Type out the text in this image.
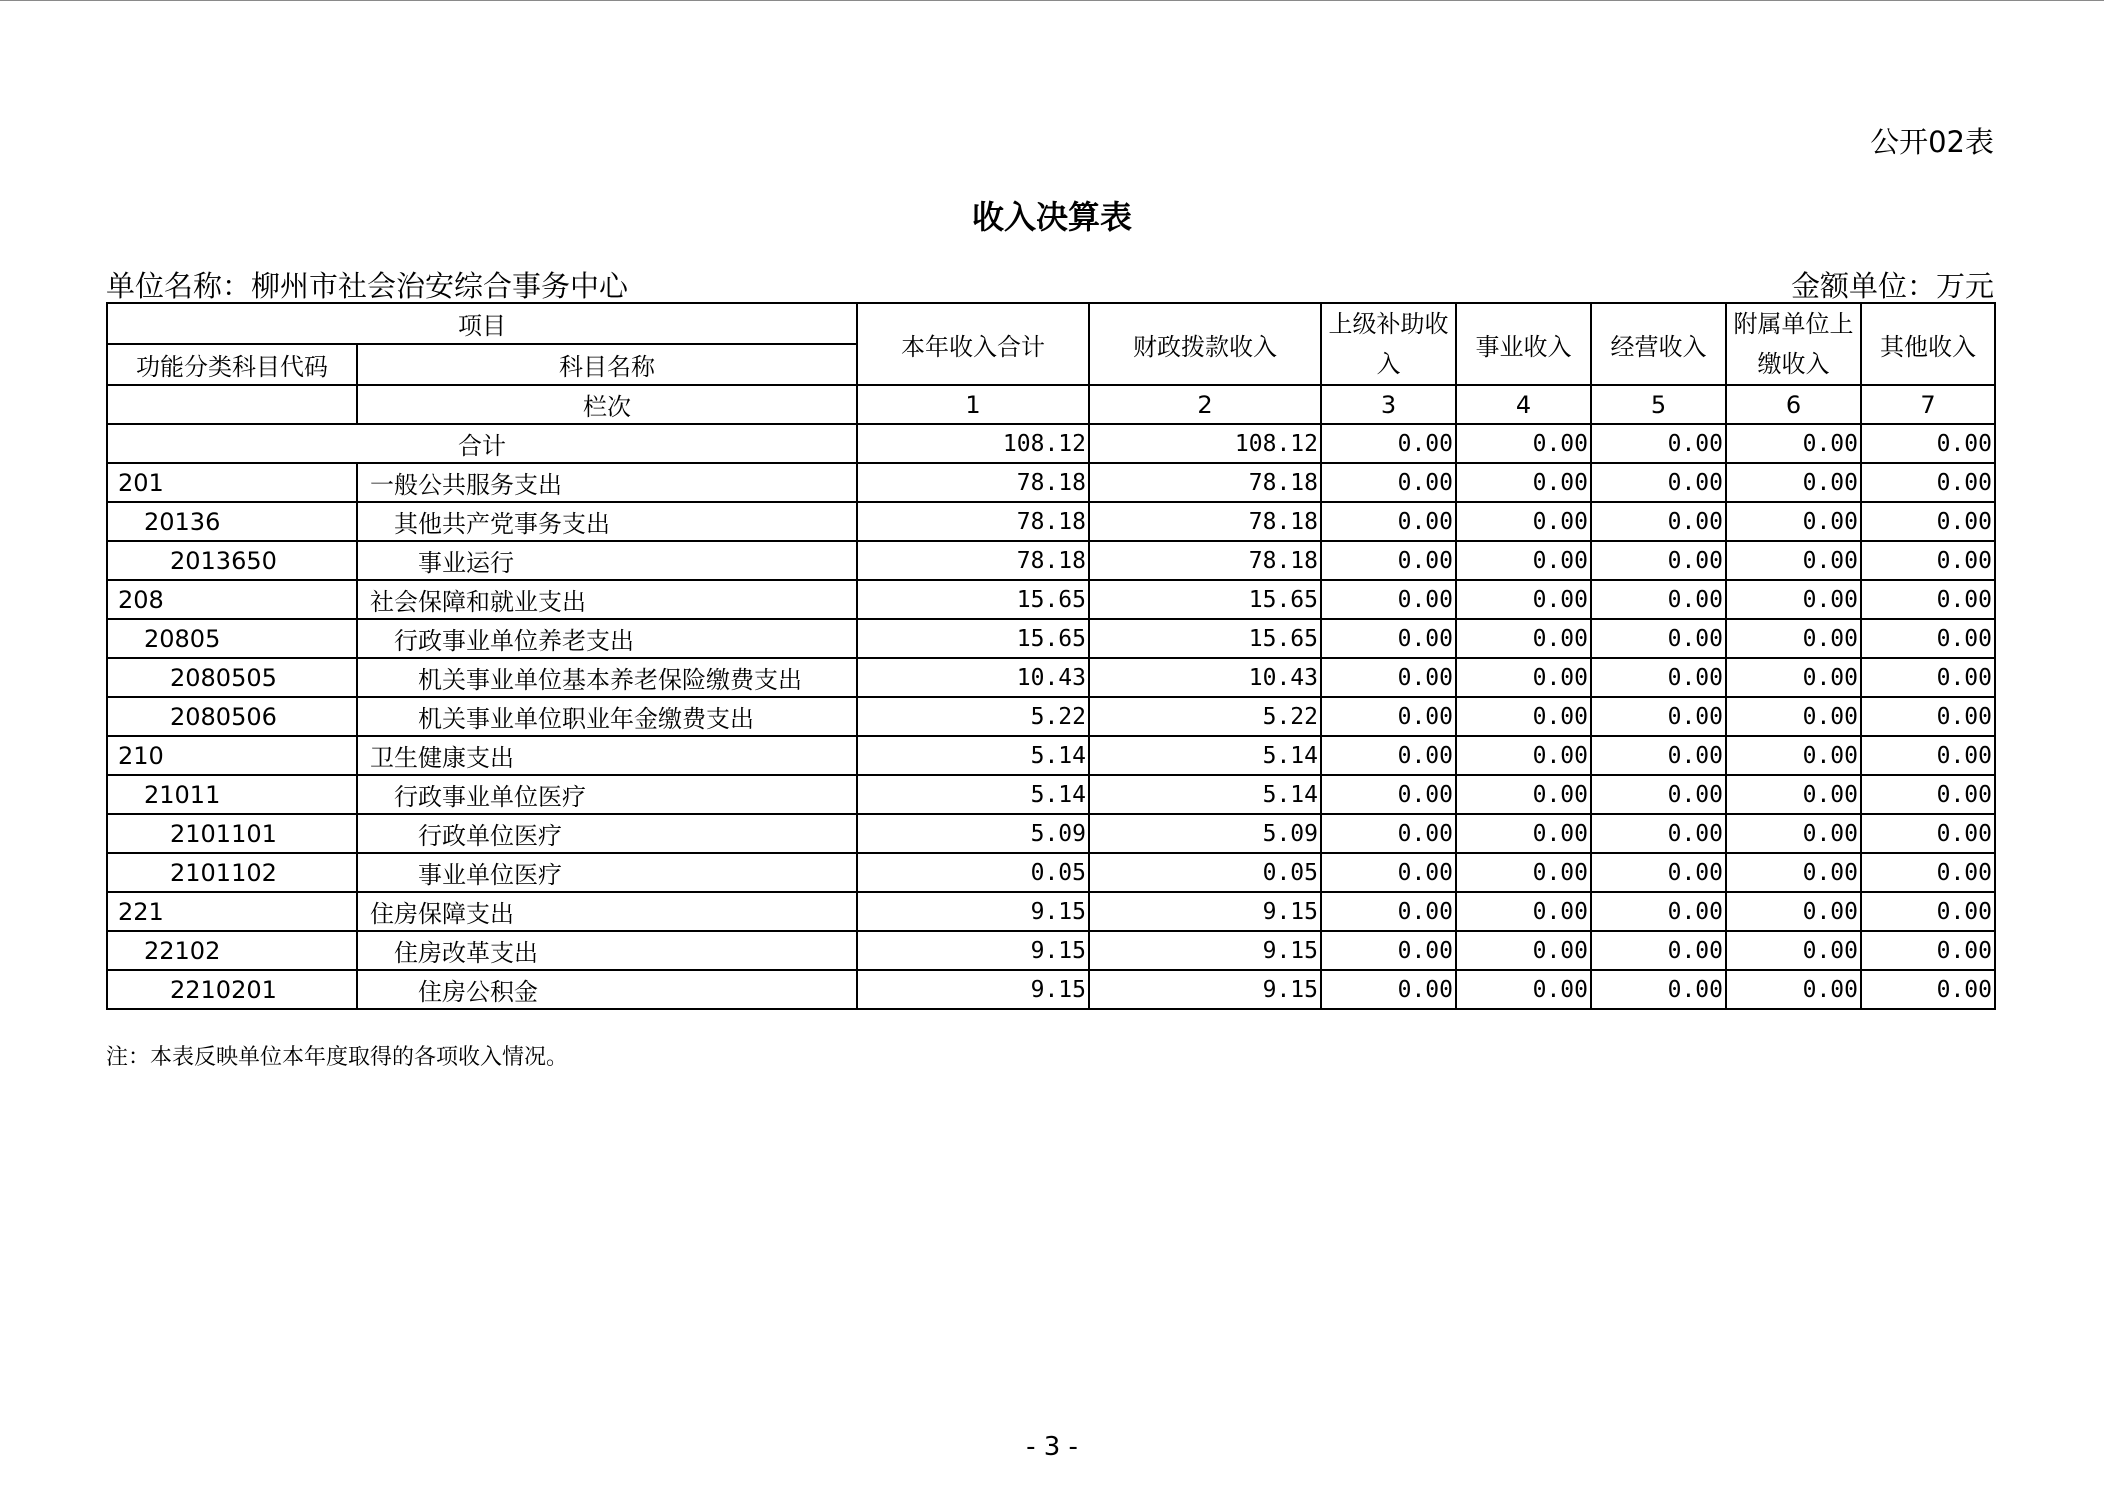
公开02表
收入决算表
单位名称：柳州市社会治安综合事务中心	金额单位：万元
项目		本年收入合计	财政拨款收入	上级补助收入	事业收入	经营收入	附属单位上缴收入	其他收入
功能分类科目代码	科目名称							
	栏次	1	2	3	4	5	6	7
合计		108.12	108.12	0.00	0.00	0.00	0.00	0.00
201	一般公共服务支出	78.18	78.18	0.00	0.00	0.00	0.00	0.00
20136	其他共产党事务支出	78.18	78.18	0.00	0.00	0.00	0.00	0.00
2013650	事业运行	78.18	78.18	0.00	0.00	0.00	0.00	0.00
208	社会保障和就业支出	15.65	15.65	0.00	0.00	0.00	0.00	0.00
20805	行政事业单位养老支出	15.65	15.65	0.00	0.00	0.00	0.00	0.00
2080505	机关事业单位基本养老保险缴费支出	10.43	10.43	0.00	0.00	0.00	0.00	0.00
2080506	机关事业单位职业年金缴费支出	5.22	5.22	0.00	0.00	0.00	0.00	0.00
210	卫生健康支出	5.14	5.14	0.00	0.00	0.00	0.00	0.00
21011	行政事业单位医疗	5.14	5.14	0.00	0.00	0.00	0.00	0.00
2101101	行政单位医疗	5.09	5.09	0.00	0.00	0.00	0.00	0.00
2101102	事业单位医疗	0.05	0.05	0.00	0.00	0.00	0.00	0.00
221	住房保障支出	9.15	9.15	0.00	0.00	0.00	0.00	0.00
22102	住房改革支出	9.15	9.15	0.00	0.00	0.00	0.00	0.00
2210201	住房公积金	9.15	9.15	0.00	0.00	0.00	0.00	0.00
注：本表反映单位本年度取得的各项收入情况。
- 3 -
